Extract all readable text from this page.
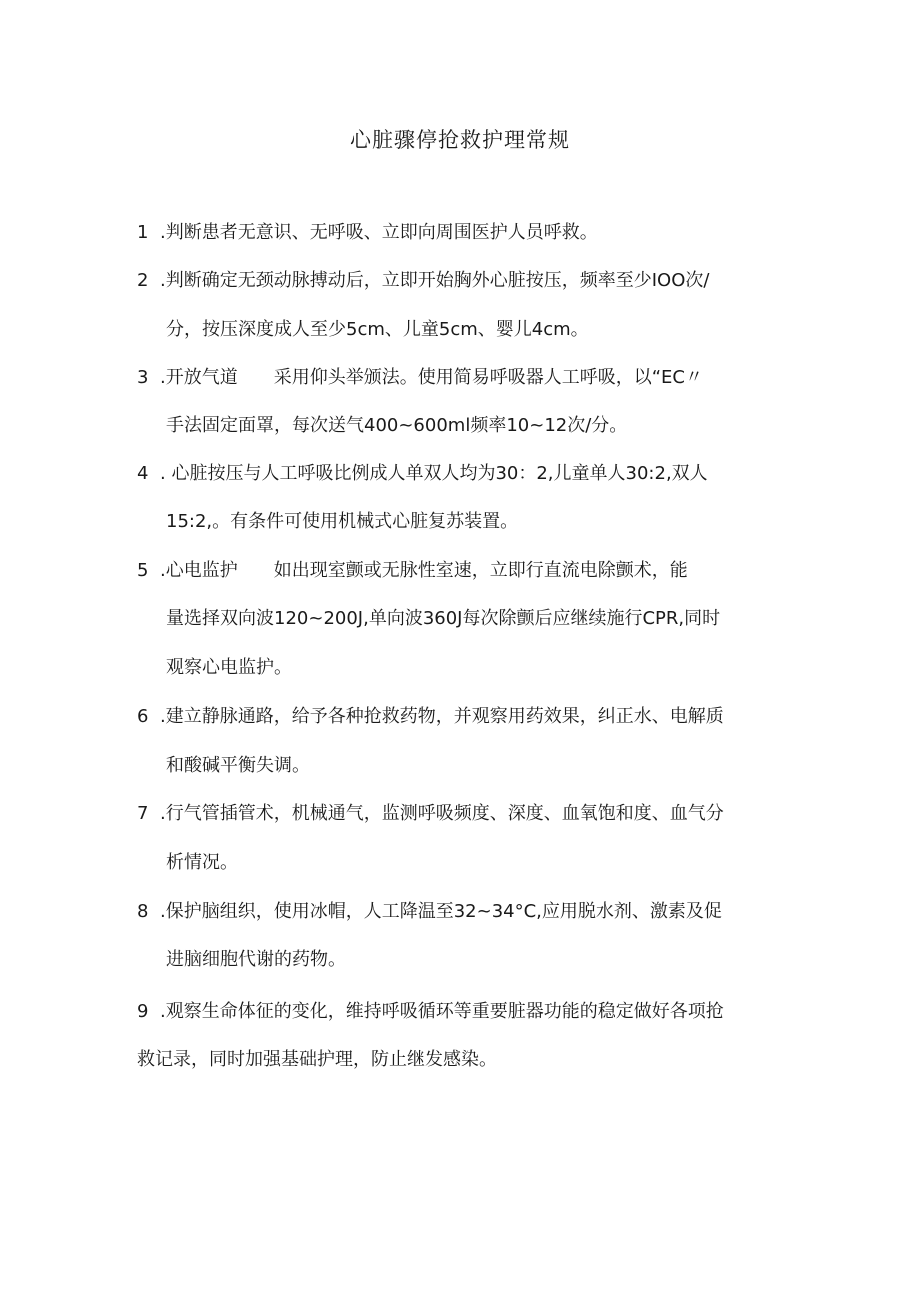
心脏骤停抢救护理常规
1 .判断患者无意识、无呼吸、立即向周围医护人员呼救。
2 .判断确定无颈动脉搏动后，立即开始胸外心脏按压，频率至少IOO次/
分，按压深度成人至少5cm、儿童5cm、婴儿4cm。
3 .开放气道　　采用仰头举颁法。使用简易呼吸器人工呼吸，以“EC〃
手法固定面罩，每次送气400~600ml频率10~12次/分。
4 . 心脏按压与人工呼吸比例成人单双人均为30：2,儿童单人30:2,双人
15:2,。有条件可使用机械式心脏复苏装置。
5 .心电监护　　如出现室颤或无脉性室速，立即行直流电除颤术，能
量选择双向波120~200J,单向波360J每次除颤后应继续施行CPR,同时
观察心电监护。
6 .建立静脉通路，给予各种抢救药物，并观察用药效果，纠正水、电解质
和酸碱平衡失调。
7 .行气管插管术，机械通气，监测呼吸频度、深度、血氧饱和度、血气分
析情况。
8 .保护脑组织，使用冰帽，人工降温至32~34°C,应用脱水剂、激素及促
进脑细胞代谢的药物。
9 .观察生命体征的变化，维持呼吸循环等重要脏器功能的稳定做好各项抢
救记录，同时加强基础护理，防止继发感染。
